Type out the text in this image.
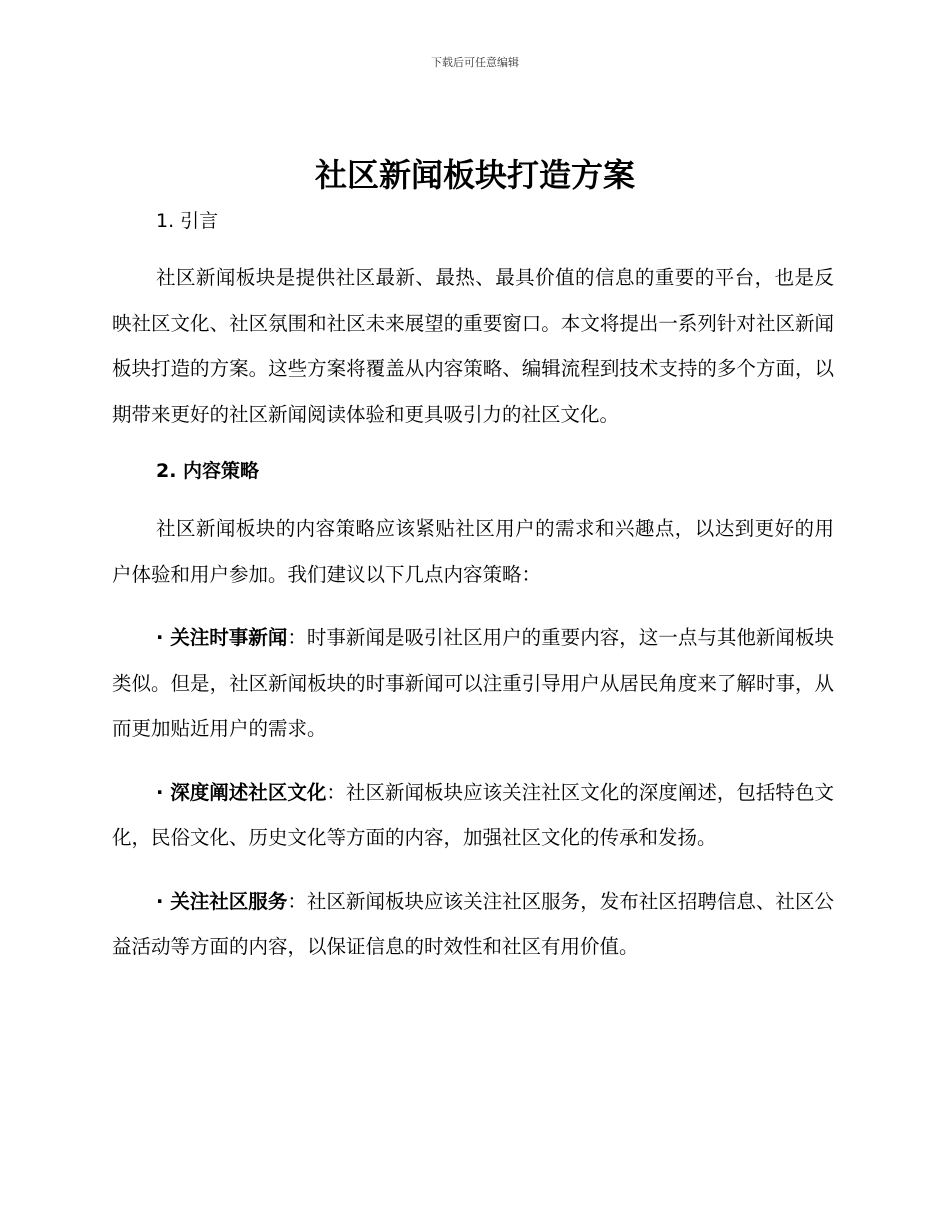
下载后可任意编辑
社区新闻板块打造方案
1. 引言

社区新闻板块是提供社区最新、最热、最具价值的信息的重要的平台，也是反映社区文化、社区氛围和社区未来展望的重要窗口。本文将提出一系列针对社区新闻板块打造的方案。这些方案将覆盖从内容策略、编辑流程到技术支持的多个方面，以期带来更好的社区新闻阅读体验和更具吸引力的社区文化。

2. 内容策略

社区新闻板块的内容策略应该紧贴社区用户的需求和兴趣点，以达到更好的用户体验和用户参加。我们建议以下几点内容策略：

· 关注时事新闻：时事新闻是吸引社区用户的重要内容，这一点与其他新闻板块类似。但是，社区新闻板块的时事新闻可以注重引导用户从居民角度来了解时事，从而更加贴近用户的需求。

· 深度阐述社区文化：社区新闻板块应该关注社区文化的深度阐述，包括特色文化，民俗文化、历史文化等方面的内容，加强社区文化的传承和发扬。

· 关注社区服务：社区新闻板块应该关注社区服务，发布社区招聘信息、社区公益活动等方面的内容，以保证信息的时效性和社区有用价值。
